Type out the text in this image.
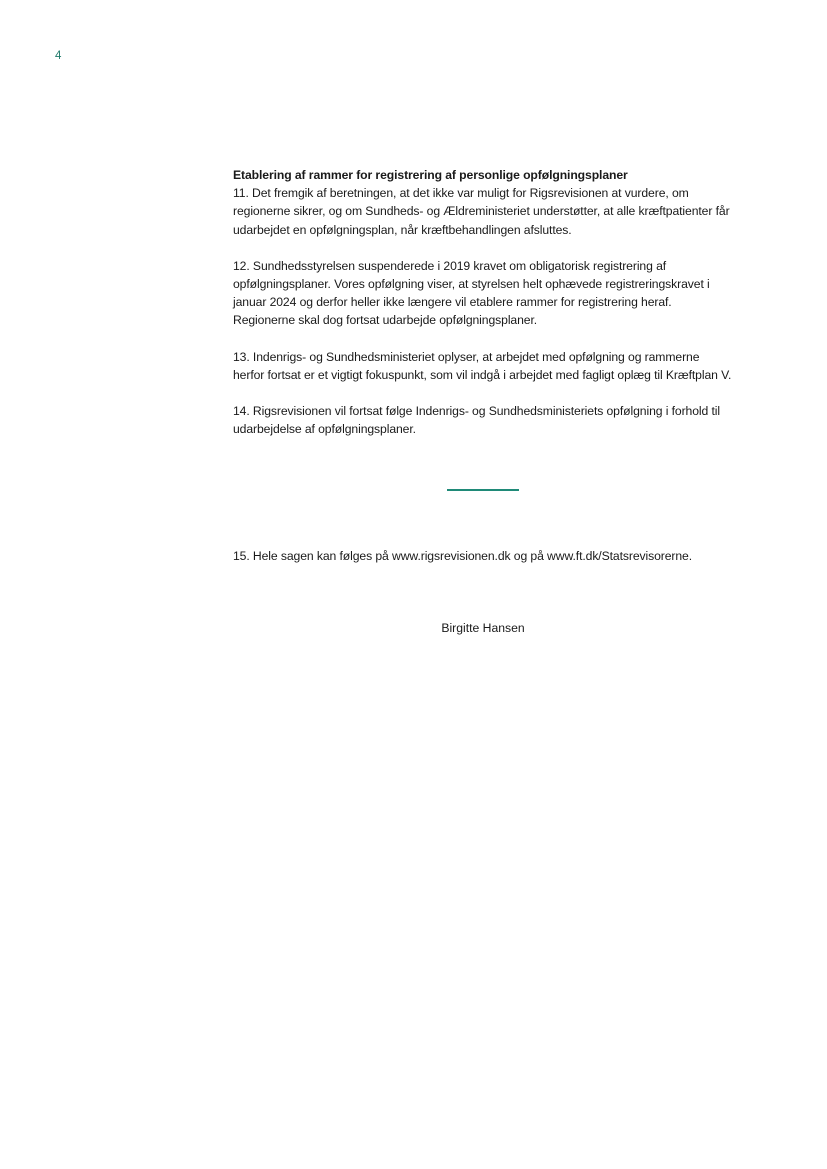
4
Etablering af rammer for registrering af personlige opfølgningsplaner

11. Det fremgik af beretningen, at det ikke var muligt for Rigsrevisionen at vurdere, om regionerne sikrer, og om Sundheds- og Ældreministeriet understøtter, at alle kræftpatienter får udarbejdet en opfølgningsplan, når kræftbehandlingen afsluttes.

12. Sundhedsstyrelsen suspenderede i 2019 kravet om obligatorisk registrering af opfølgningsplaner. Vores opfølgning viser, at styrelsen helt ophævede registreringskravet i januar 2024 og derfor heller ikke længere vil etablere rammer for registrering heraf. Regionerne skal dog fortsat udarbejde opfølgningsplaner.

13. Indenrigs- og Sundhedsministeriet oplyser, at arbejdet med opfølgning og rammerne herfor fortsat er et vigtigt fokuspunkt, som vil indgå i arbejdet med fagligt oplæg til Kræftplan V.

14. Rigsrevisionen vil fortsat følge Indenrigs- og Sundhedsministeriets opfølgning i forhold til udarbejdelse af opfølgningsplaner.

15. Hele sagen kan følges på www.rigsrevisionen.dk og på www.ft.dk/Statsrevisorerne.

Birgitte Hansen
